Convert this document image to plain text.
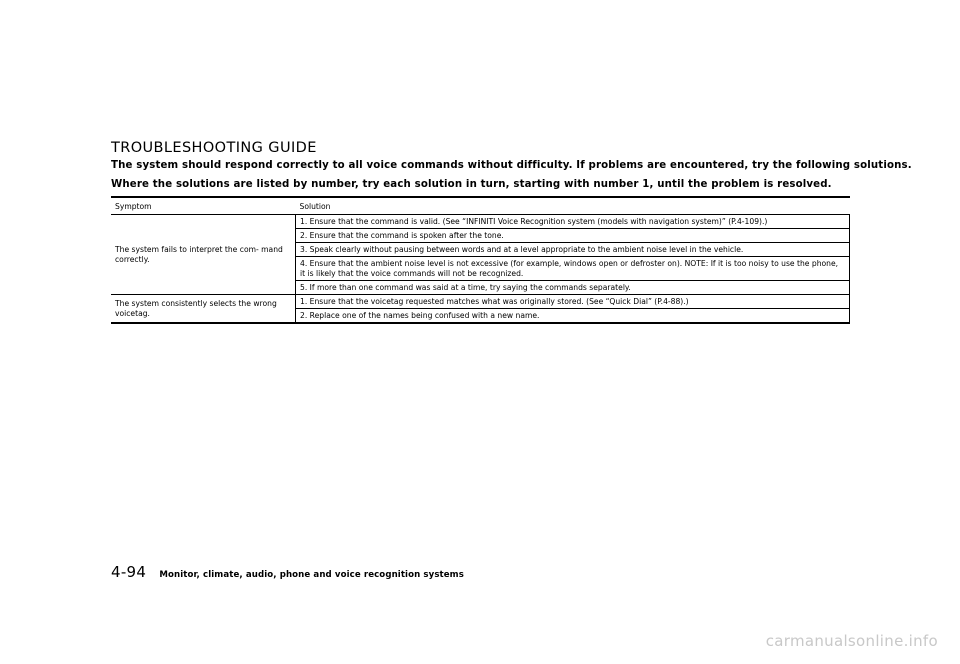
TROUBLESHOOTING GUIDE

The system should respond correctly to all voice commands without difficulty. If problems are encountered, try the following solutions.

Where the solutions are listed by number, try each solution in turn, starting with number 1, until the problem is resolved.

Symptom	Solution
The system fails to interpret the com- mand correctly.	1. Ensure that the command is valid. (See “INFINITI Voice Recognition system (models with navigation system)” (P.4-109).)
	2. Ensure that the command is spoken after the tone.
	3. Speak clearly without pausing between words and at a level appropriate to the ambient noise level in the vehicle.
	4. Ensure that the ambient noise level is not excessive (for example, windows open or defroster on). NOTE: If it is too noisy to use the phone, it is likely that the voice commands will not be recognized.
	5. If more than one command was said at a time, try saying the commands separately.
The system consistently selects the wrong voicetag.	1. Ensure that the voicetag requested matches what was originally stored. (See “Quick Dial” (P.4-88).)
	2. Replace one of the names being confused with a new name.
4-94 Monitor, climate, audio, phone and voice recognition systems
carmanualsonline.info
